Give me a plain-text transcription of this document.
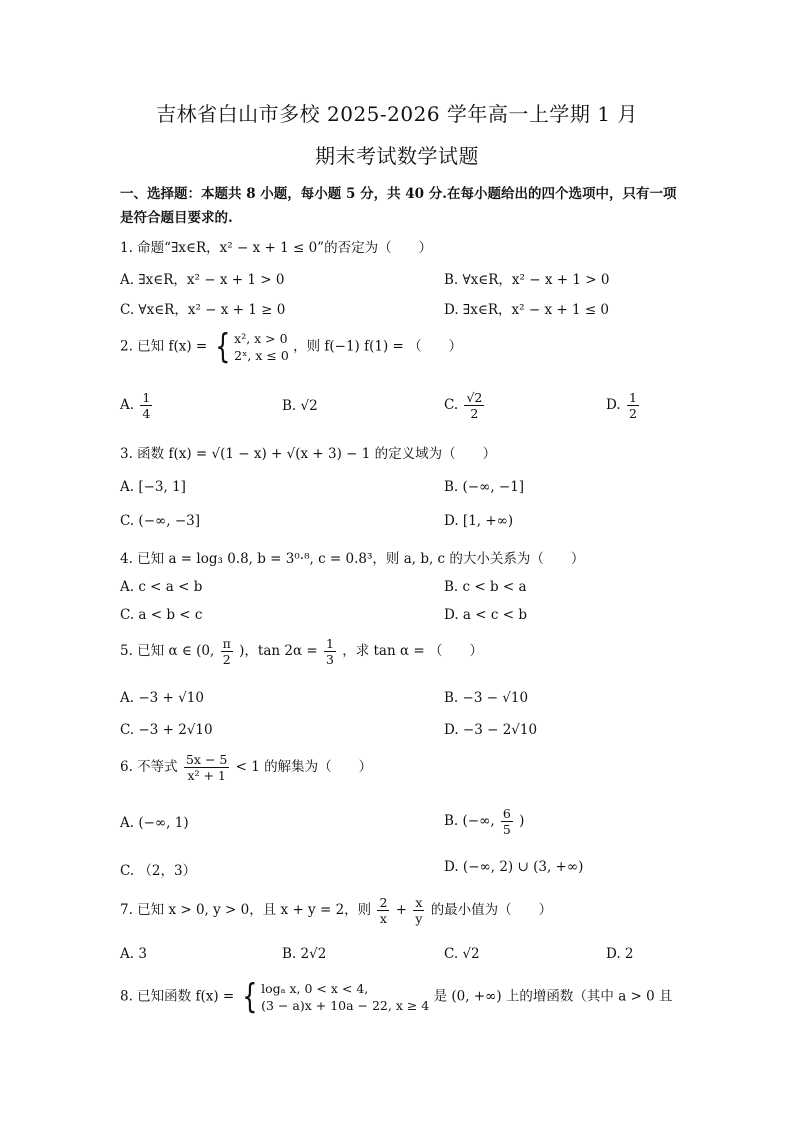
吉林省白山市多校 2025-2026 学年高一上学期 1 月
期末考试数学试题
一、选择题：本题共 8 小题，每小题 5 分，共 40 分.在每小题给出的四个选项中，只有一项是符合题目要求的.
1. 命题“∃x∈R，x² − x + 1 ≤ 0”的否定为（　　）
A. ∃x∈R，x² − x + 1 > 0	B. ∀x∈R，x² − x + 1 > 0
C. ∀x∈R，x² − x + 1 ≥ 0	D. ∃x∈R，x² − x + 1 ≤ 0
2. 已知 f(x) = { x², x > 0
2ˣ, x ≤ 0
，则 f(−1) f(1) = （　　）
A. $\frac{1}{4}$	B. √2	C. $\frac{√2}{2}$	D. $\frac{1}{2}$
3. 函数 f(x) = √(1 − x) + √(x + 3) − 1 的定义域为（　　）
A. [−3, 1]	B. (−∞, −1]
C. (−∞, −3]	D. [1, +∞)
4. 已知 a = log₃ 0.8, b = 3⁰·⁸, c = 0.8³，则 a, b, c 的大小关系为（　　）
A. c < a < b	B. c < b < a
C. a < b < c	D. a < c < b
5. 已知 α ∈ (0, $\frac{\pi}{2}$ )，$\tan 2\alpha = \frac{1}{3}$ ，求 tan α = （　　）
A. −3 + √10	B. −3 − √10
C. −3 + 2√10	D. −3 − 2√10
6. 不等式 $\frac{5x - 5}{\text{x² + 1}} < 1$ 的解集为（　　）
A. (−∞, 1)	B. (−∞, $\frac{6}{5}$ )
C. （2，3）	D. (−∞, 2) ∪ (3, +∞)
7. 已知 x > 0, y > 0，且 x + y = 2，则 $\frac{2}{x} + \frac{x}{y}$ 的最小值为（　　）
A. 3	B. 2√2	C. √2	D. 2
8. 已知函数 f(x) = { logₐ x, 0 < x < 4,
(3 − a)x + 10a − 22, x ≥ 4
是 (0, +∞) 上的增函数（其中 a > 0 且
